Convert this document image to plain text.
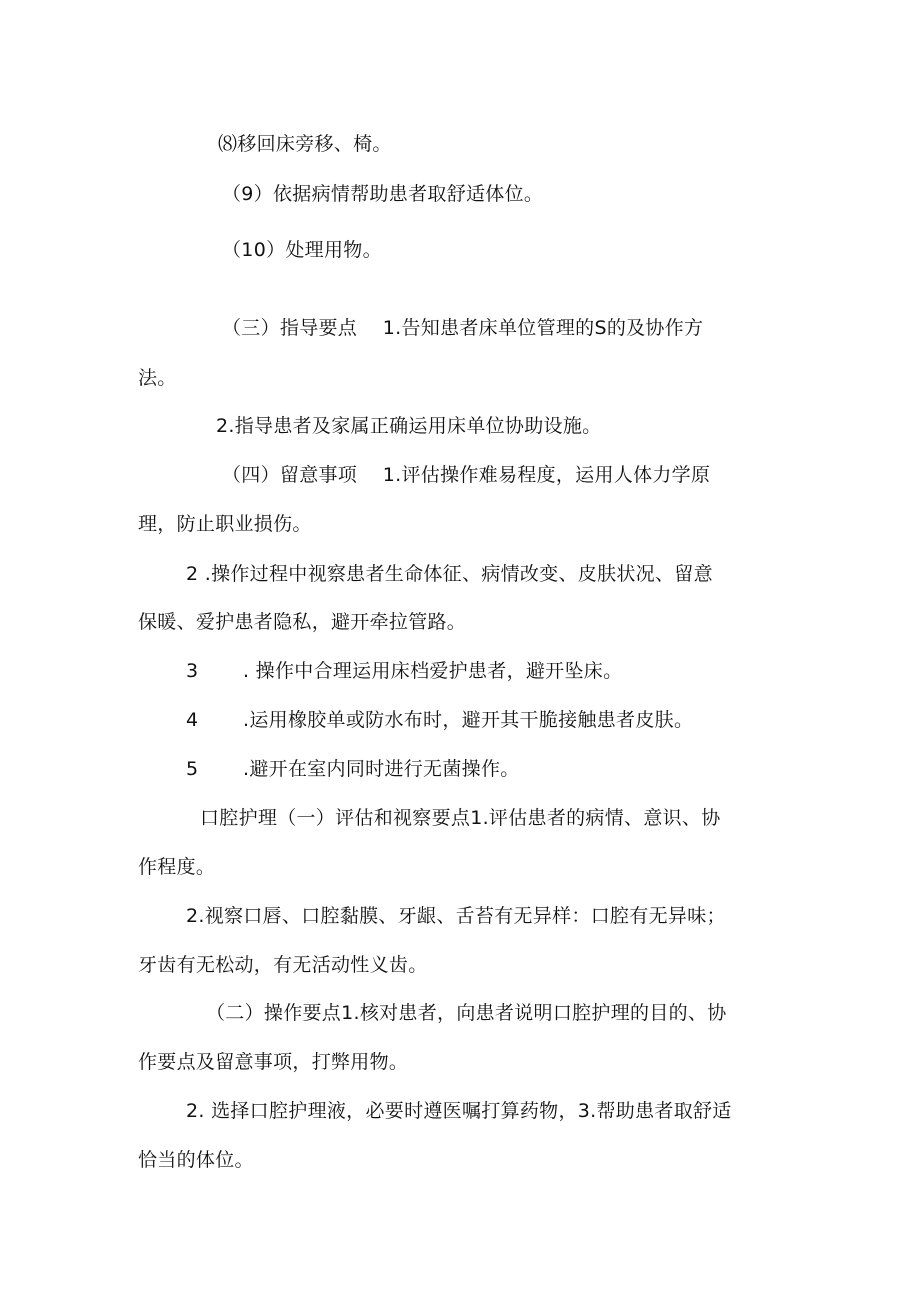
⑻移回床旁移、椅。
（9）依据病情帮助患者取舒适体位。
（10）处理用物。
（三）指导要点　 1.告知患者床单位管理的S的及协作方
法。
2.指导患者及家属正确运用床单位协助设施。
（四）留意事项　 1.评估操作难易程度，运用人体力学原
理，防止职业损伤。
2 .操作过程中视察患者生命体征、病情改变、皮肤状况、留意
保暖、爱护患者隐私，避开牵拉管路。
3 . 操作中合理运用床档爱护患者，避开坠床。
4 .运用橡胶单或防水布时，避开其干脆接触患者皮肤。
5 .避开在室内同时进行无菌操作。
口腔护理（一）评估和视察要点1.评估患者的病情、意识、协
作程度。
2.视察口唇、口腔黏膜、牙龈、舌苔有无异样：口腔有无异味；
牙齿有无松动，有无活动性义齿。
（二）操作要点1.核对患者，向患者说明口腔护理的目的、协
作要点及留意事项，打弊用物。
2. 选择口腔护理液，必要时遵医嘱打算药物，3.帮助患者取舒适
恰当的体位。
